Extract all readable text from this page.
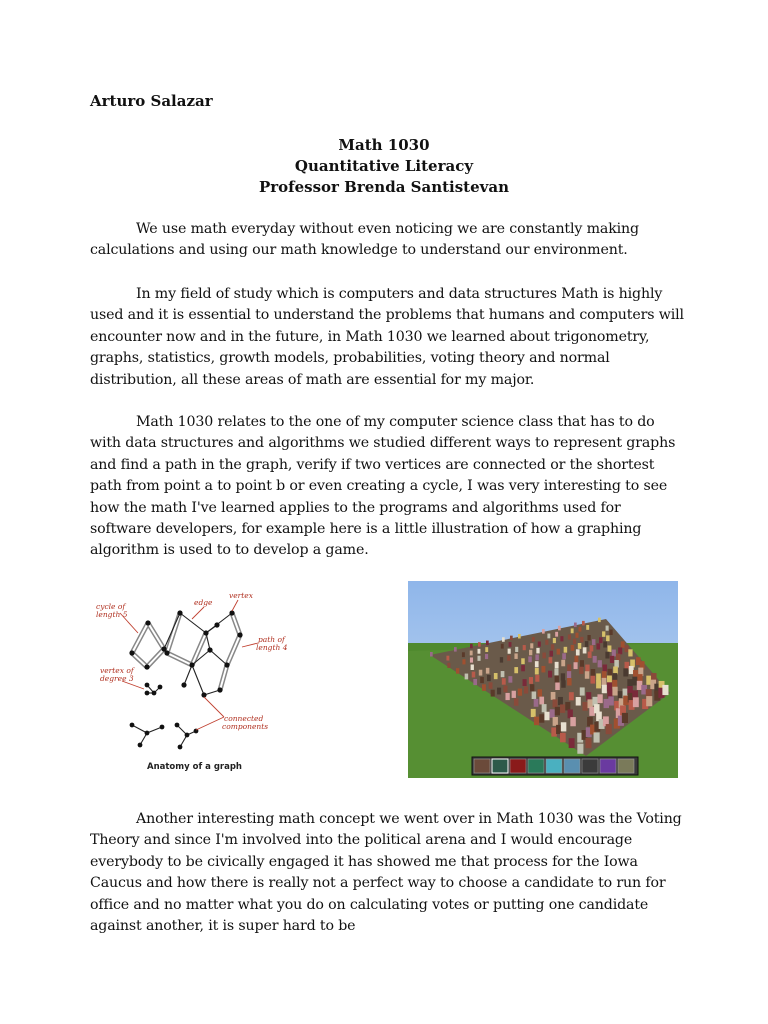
Arturo Salazar
Math 1030
Quantitative Literacy
Professor Brenda Santistevan

We use math everyday without even noticing we are constantly making calculations and using our math knowledge to understand our environment.

In my field of study which is computers and data structures Math is highly used and it is essential to understand the problems that humans and computers will encounter now and in the future, in Math 1030 we learned about trigonometry, graphs, statistics, growth models, probabilities, voting theory and normal distribution, all these areas of math are essential for my major.

Math 1030 relates to the one of my computer science class that has to do with data structures and algorithms we studied different ways to represent graphs and find a path in the graph, verify if two vertices are connected or the shortest path from point a to point b or even creating a cycle, I was very interesting to see how the math I've learned applies to the programs and algorithms used for software developers, for example here is a little illustration of how a graphing algorithm is used to to develop a game.

cycle of
length 5
edge
vertex
path of
length 4
vertex of
degree 3
connected
components
Anatomy of a graph

Another interesting math concept we went over in Math 1030 was the Voting Theory and since I'm involved into the political arena and I would encourage everybody to be civically engaged it has showed me that process for the Iowa Caucus and how there is really not a perfect way to choose a candidate to run for office and no matter what you do on calculating votes or putting one candidate against another, it is super hard to be
